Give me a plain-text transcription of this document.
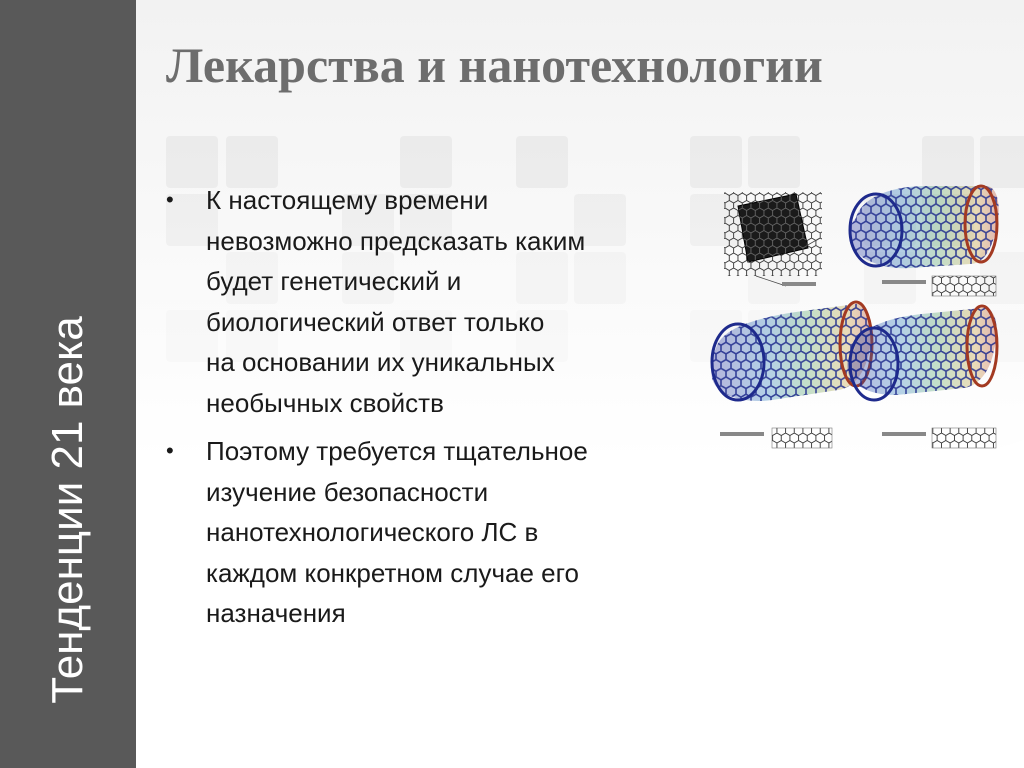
Тенденции 21 века
Лекарства и нанотехнологии
•	К настоящему времени
невозможно предсказать каким
будет генетический и
биологический ответ только
на основании их уникальных
необычных свойств
•	Поэтому требуется тщательное
изучение безопасности
нанотехнологического ЛС в
каждом конкретном случае его
назначения
